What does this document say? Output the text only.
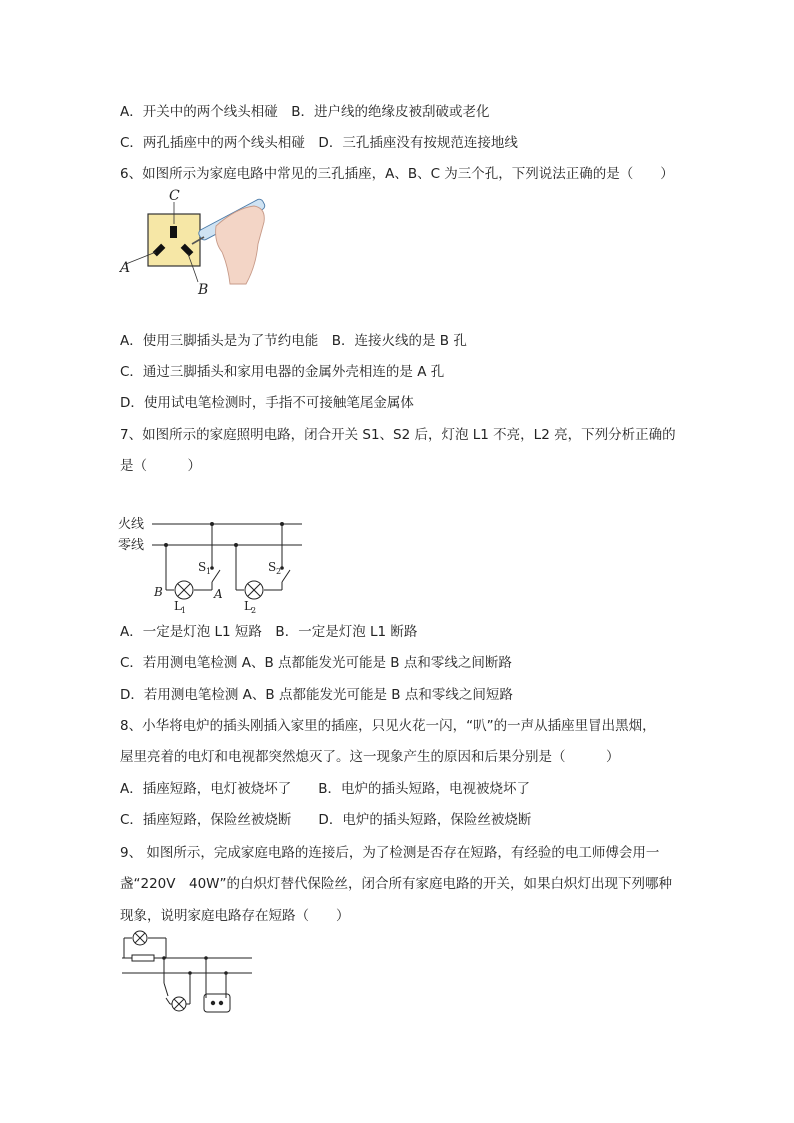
A．开关中的两个线头相碰　B．进户线的绝缘皮被刮破或老化
C．两孔插座中的两个线头相碰　D．三孔插座没有按规范连接地线
6、如图所示为家庭电路中常见的三孔插座，A、B、C 为三个孔，下列说法正确的是（　　）
C
A
B
A．使用三脚插头是为了节约电能　B．连接火线的是 B 孔
C．通过三脚插头和家用电器的金属外壳相连的是 A 孔
D．使用试电笔检测时，手指不可接触笔尾金属体
7、如图所示的家庭照明电路，闭合开关 S1、S2 后，灯泡 L1 不亮，L2 亮，下列分析正确的
是（　　　）
火线
零线
S 1	S 2
B	A
L 1	L 2
A．一定是灯泡 L1 短路　B．一定是灯泡 L1 断路
C．若用测电笔检测 A、B 点都能发光可能是 B 点和零线之间断路
D．若用测电笔检测 A、B 点都能发光可能是 B 点和零线之间短路
8、小华将电炉的插头刚插入家里的插座，只见火花一闪，“叭”的一声从插座里冒出黑烟，
屋里亮着的电灯和电视都突然熄灭了。这一现象产生的原因和后果分别是（　　　）
A．插座短路，电灯被烧坏了　　B．电炉的插头短路，电视被烧坏了
C．插座短路，保险丝被烧断　　D．电炉的插头短路，保险丝被烧断
9、 如图所示，完成家庭电路的连接后，为了检测是否存在短路，有经验的电工师傅会用一
盏“220V　40W”的白炽灯替代保险丝，闭合所有家庭电路的开关，如果白炽灯出现下列哪种
现象，说明家庭电路存在短路（　　）
